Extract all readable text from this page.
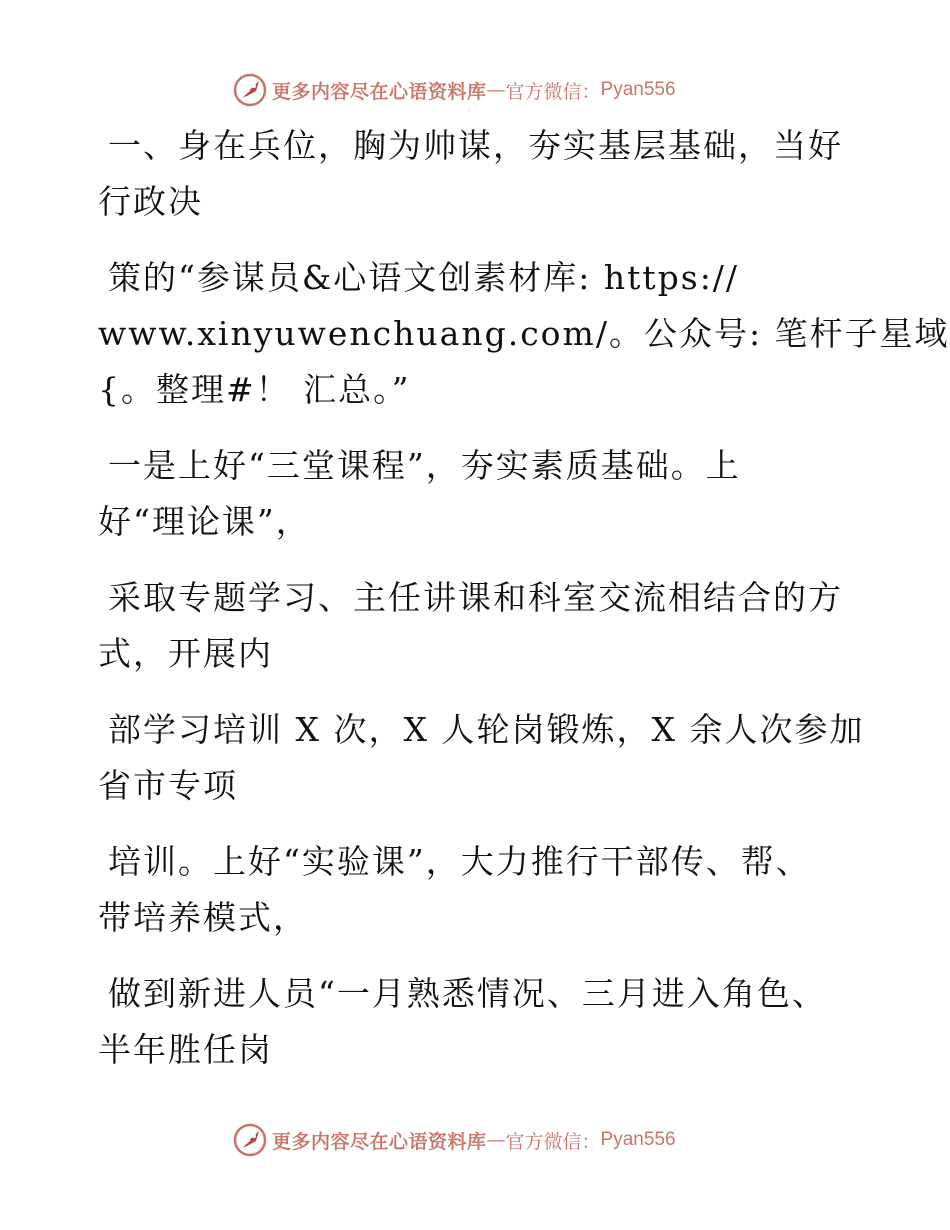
更多内容尽在心语资料库 — 官方微信： Pyan556
一、身在兵位，胸为帅谋，夯实基层基础，当好
行政决
策的“参谋员&心语文创素材库: https://
www.xinyuwenchuang.com/。公众号: 笔杆子星域
{。整理#！ 汇总。”
一是上好“三堂课程”，夯实素质基础。上
好“理论课”，
采取专题学习、主任讲课和科室交流相结合的方
式，开展内
部学习培训 X 次，X 人轮岗锻炼，X 余人次参加
省市专项
培训。上好“实验课”，大力推行干部传、帮、
带培养模式，
做到新进人员“一月熟悉情况、三月进入角色、
半年胜任岗
更多内容尽在心语资料库 — 官方微信： Pyan556
